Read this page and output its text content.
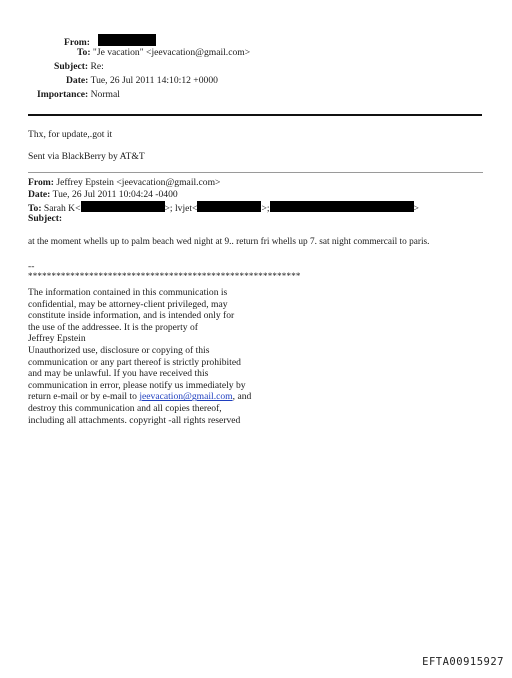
From:
To: "Je vacation" <jeevacation@gmail.com>
Subject: Re:
Date: Tue, 26 Jul 2011 14:10:12 +0000
Importance: Normal
Thx, for update,.got it
Sent via BlackBerry by AT&T
From: Jeffrey Epstein <jeevacation@gmail.com>
Date: Tue, 26 Jul 2011 10:04:24 -0400
To: Sarah K<	>; lvjet<	>;	>
Subject:
at the moment whells up to palm beach wed night at 9.. return fri whells up 7. sat night commercail to paris.
--
**********************************************************
The information contained in this communication is
confidential, may be attorney-client privileged, may
constitute inside information, and is intended only for
the use of the addressee. It is the property of
Jeffrey Epstein
Unauthorized use, disclosure or copying of this
communication or any part thereof is strictly prohibited
and may be unlawful. If you have received this
communication in error, please notify us immediately by
return e-mail or by e-mail to jeevacation@gmail.com, and
destroy this communication and all copies thereof,
including all attachments. copyright -all rights reserved
EFTA00915927
